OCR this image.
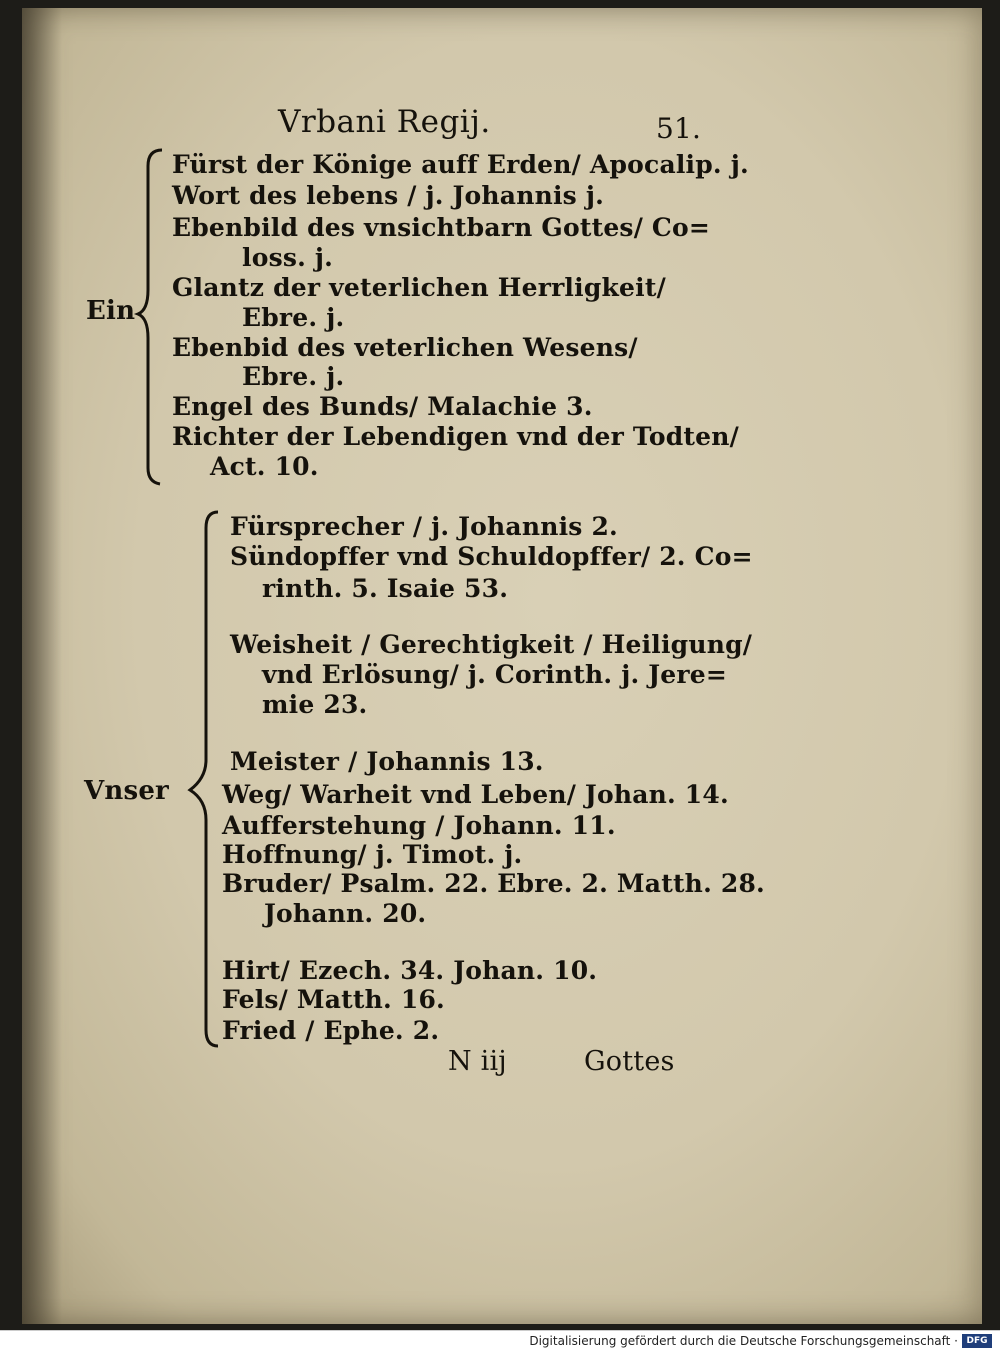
Vrbani Regij.	51.
Ein
Fürst der Könige auff Erden/ Apocalip. j.
Wort des lebens / j. Johannis j.
Ebenbild des vnsichtbarn Gottes/ Co=
loss. j.
Glantz der veterlichen Herrligkeit/
Ebre. j.
Ebenbid des veterlichen Wesens/
Ebre. j.
Engel des Bunds/ Malachie 3.
Richter der Lebendigen vnd der Todten/
Act. 10.
Vnser
Fürsprecher / j. Johannis 2.
Sündopffer vnd Schuldopffer/ 2. Co=
rinth. 5. Isaie 53.
Weisheit / Gerechtigkeit / Heiligung/
vnd Erlösung/ j. Corinth. j. Jere=
mie 23.
Meister / Johannis 13.
Weg/ Warheit vnd Leben/ Johan. 14.
Aufferstehung / Johann. 11.
Hoffnung/ j. Timot. j.
Bruder/ Psalm. 22. Ebre. 2. Matth. 28.
Johann. 20.
Hirt/ Ezech. 34. Johan. 10.
Fels/ Matth. 16.
Fried / Ephe. 2.
N iij	Gottes
Digitalisierung gefördert durch die Deutsche Forschungsgemeinschaft · DFG
